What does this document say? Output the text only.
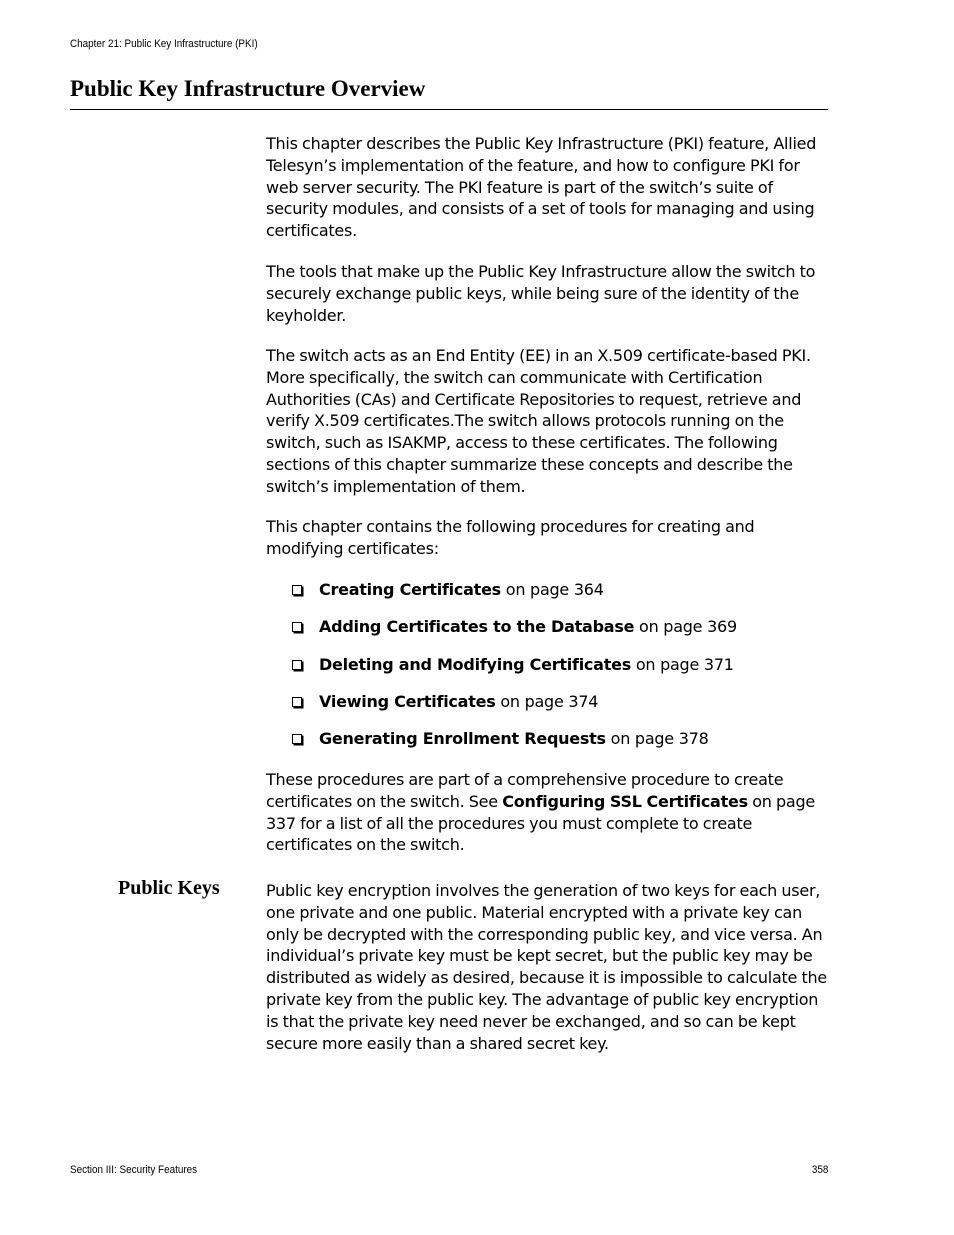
Chapter 21: Public Key Infrastructure (PKI)
Public Key Infrastructure Overview

This chapter describes the Public Key Infrastructure (PKI) feature, Allied Telesyn’s implementation of the feature, and how to configure PKI for web server security. The PKI feature is part of the switch’s suite of security modules, and consists of a set of tools for managing and using certificates.

The tools that make up the Public Key Infrastructure allow the switch to securely exchange public keys, while being sure of the identity of the keyholder.

The switch acts as an End Entity (EE) in an X.509 certificate-based PKI. More specifically, the switch can communicate with Certification Authorities (CAs) and Certificate Repositories to request, retrieve and verify X.509 certificates.The switch allows protocols running on the switch, such as ISAKMP, access to these certificates. The following sections of this chapter summarize these concepts and describe the switch’s implementation of them.

This chapter contains the following procedures for creating and modifying certificates:

Creating Certificates on page 364
Adding Certificates to the Database on page 369
Deleting and Modifying Certificates on page 371
Viewing Certificates on page 374
Generating Enrollment Requests on page 378

These procedures are part of a comprehensive procedure to create certificates on the switch. See Configuring SSL Certificates on page 337 for a list of all the procedures you must complete to create certificates on the switch.

Public Keys	Public key encryption involves the generation of two keys for each user, one private and one public. Material encrypted with a private key can only be decrypted with the corresponding public key, and vice versa. An individual’s private key must be kept secret, but the public key may be distributed as widely as desired, because it is impossible to calculate the private key from the public key. The advantage of public key encryption is that the private key need never be exchanged, and so can be kept secure more easily than a shared secret key.

Section III: Security Features	358
